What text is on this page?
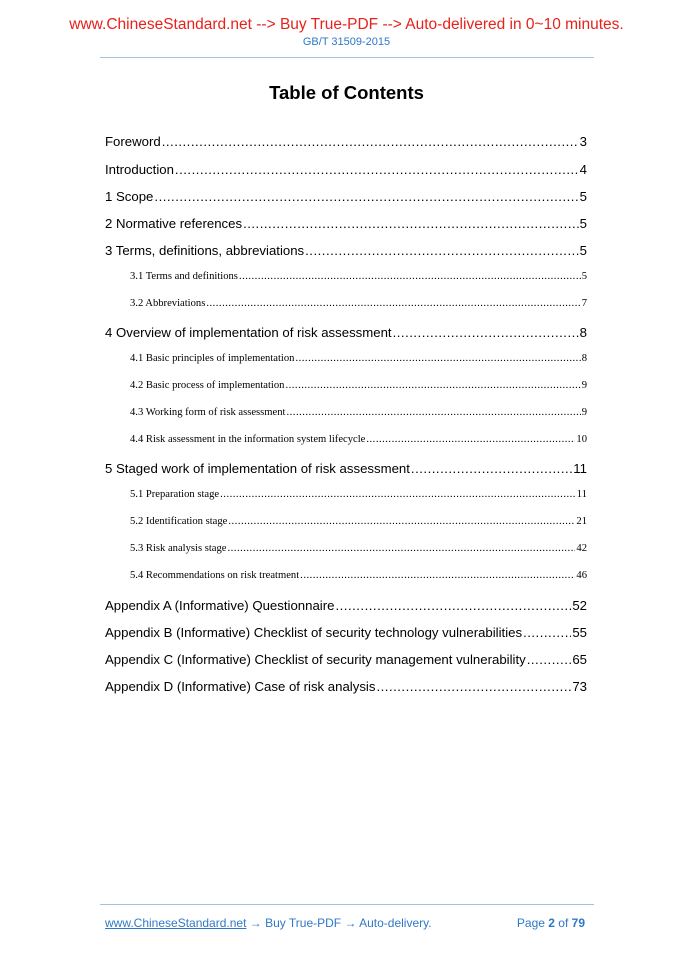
www.ChineseStandard.net --> Buy True-PDF --> Auto-delivered in 0~10 minutes.
GB/T 31509-2015
Table of Contents
Foreword .....	3
Introduction .....	4
1 Scope .....	5
2 Normative references .....	5
3 Terms, definitions, abbreviations .....	5
3.1 Terms and definitions .....	5
3.2 Abbreviations .....	7
4 Overview of implementation of risk assessment .....	8
4.1 Basic principles of implementation .....	8
4.2 Basic process of implementation .....	9
4.3 Working form of risk assessment .....	9
4.4 Risk assessment in the information system lifecycle .....	10
5 Staged work of implementation of risk assessment .....	11
5.1 Preparation stage .....	11
5.2 Identification stage .....	21
5.3 Risk analysis stage .....	42
5.4 Recommendations on risk treatment .....	46
Appendix A (Informative) Questionnaire .....	52
Appendix B (Informative) Checklist of security technology vulnerabilities .....	55
Appendix C (Informative) Checklist of security management vulnerability .....	65
Appendix D (Informative) Case of risk analysis .....	73
www.ChineseStandard.net → Buy True-PDF → Auto-delivery.	Page 2 of 79
